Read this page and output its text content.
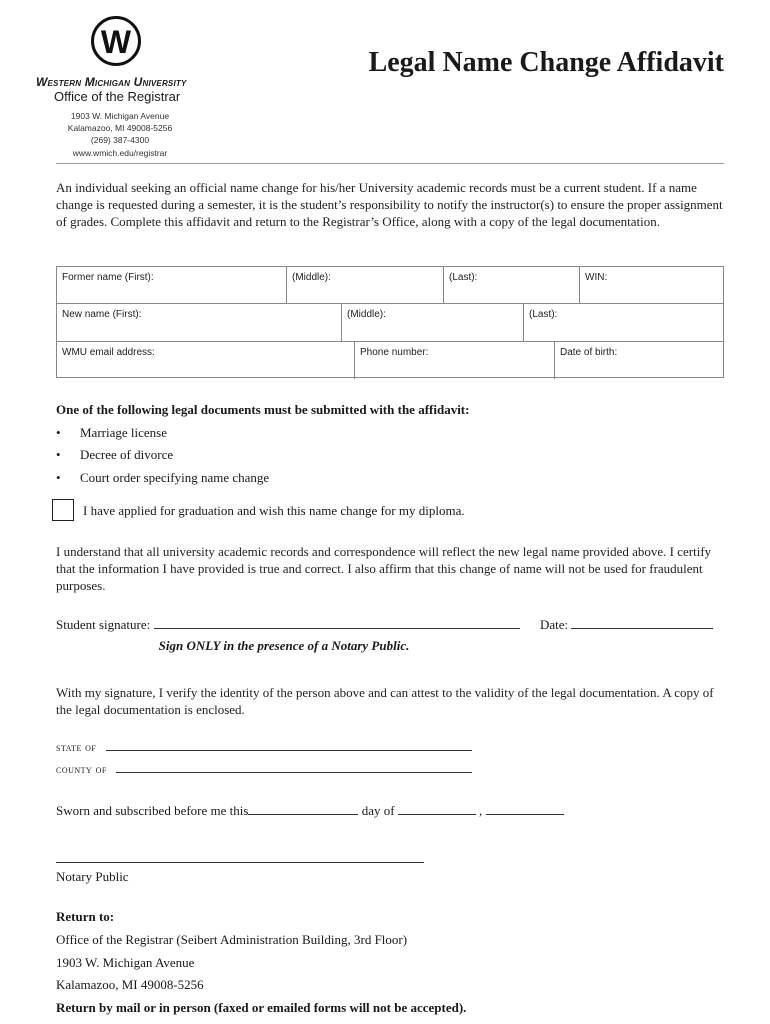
W
Western Michigan University
Office of the Registrar
1903 W. Michigan Avenue
Kalamazoo, MI 49008-5256
(269) 387-4300
www.wmich.edu/registrar
Legal Name Change Affidavit
An individual seeking an official name change for his/her University academic records must be a current student. If a name change is requested during a semester, it is the student’s responsibility to notify the instructor(s) to ensure the proper assignment of grades. Complete this affidavit and return to the Registrar’s Office, along with a copy of the legal documentation.
Former name (First):	(Middle):	(Last):	WIN:
New name (First):	(Middle):	(Last):
WMU email address:	Phone number:	Date of birth:
One of the following legal documents must be submitted with the affidavit:
• Marriage license
• Decree of divorce
• Court order specifying name change
I have applied for graduation and wish this name change for my diploma.
I understand that all university academic records and correspondence will reflect the new legal name provided above. I certify that the information I have provided is true and correct. I also affirm that this change of name will not be used for fraudulent purposes.
Student signature:	Date:
Sign ONLY in the presence of a Notary Public.
With my signature, I verify the identity of the person above and can attest to the validity of the legal documentation. A copy of the legal documentation is enclosed.
state of
county of
Sworn and subscribed before me this	day of	,
Notary Public
Return to:
Office of the Registrar (Seibert Administration Building, 3rd Floor)
1903 W. Michigan Avenue
Kalamazoo, MI 49008-5256
Return by mail or in person (faxed or emailed forms will not be accepted).
